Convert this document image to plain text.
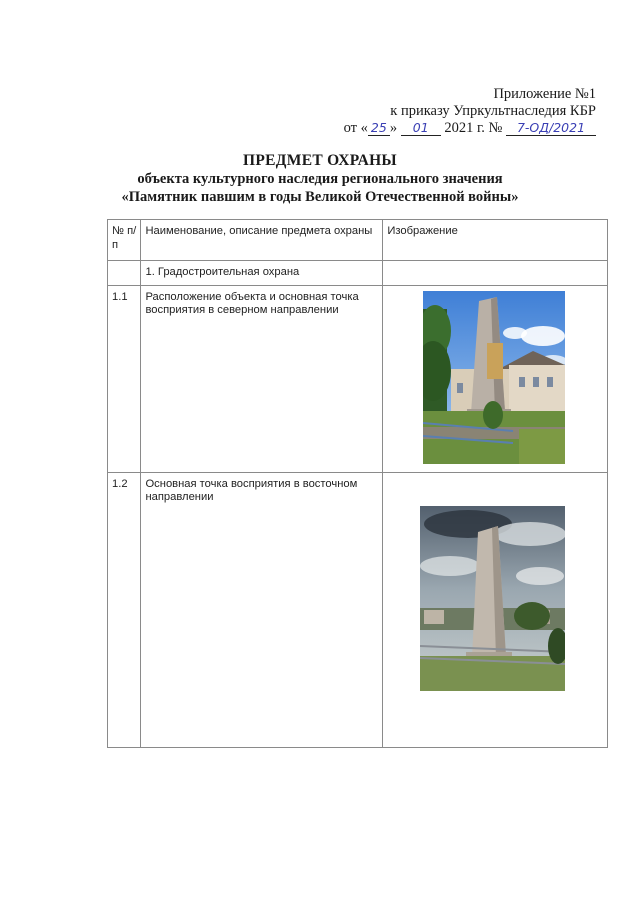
Приложение №1
к приказу Упркультнаследия КБР
от « 25 » 01 2021 г. № 7-ОД/2021
ПРЕДМЕТ ОХРАНЫ
объекта культурного наследия регионального значения
«Памятник павшим в годы Великой Отечественной войны»
№ п/п	Наименование, описание предмета охраны	Изображение
	1. Градостроительная охрана	
1.1	Расположение объекта и основная точка восприятия в северном направлении	

1.2	Основная точка восприятия в восточном направлении	
